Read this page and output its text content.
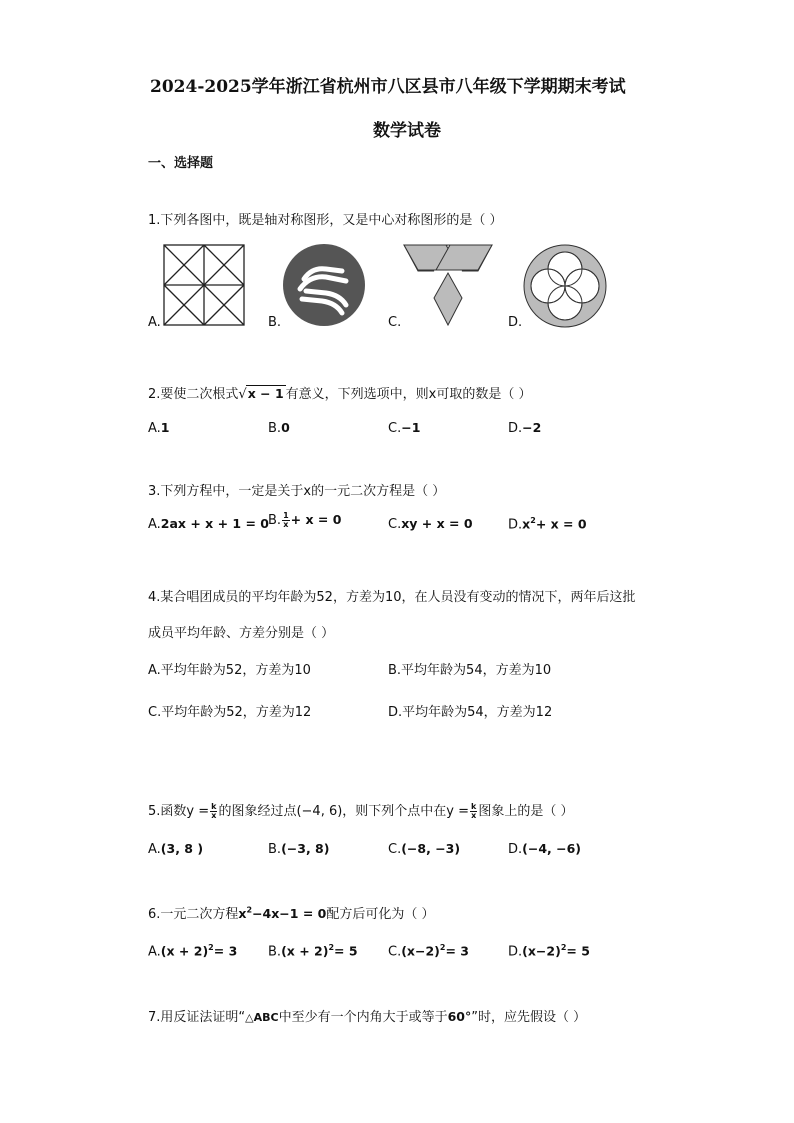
2024-2025学年浙江省杭州市八区县市八年级下学期期末考试
数学试卷
一、选择题
1.下列各图中，既是轴对称图形，又是中心对称图形的是（ ）
A.	B.	C.	D.
2.要使二次根式√x − 1 有意义，下列选项中，则x可取的数是（ ）
A.1	B.0	C.−1	D.−2
3.下列方程中，一定是关于x的一元二次方程是（ ）
A.2ax + x + 1 = 0 B. $\frac{1}{x} + x = 0$	C.xy + x = 0	$D.x^2+ x = 0$
4.某合唱团成员的平均年龄为52，方差为10，在人员没有变动的情况下，两年后这批
成员平均年龄、方差分别是（ ）
A.平均年龄为52，方差为10	B.平均年龄为54，方差为10
C.平均年龄为52，方差为12	D.平均年龄为54，方差为12
5.函数$y = \frac{k}{x}$ 的图象经过点(−4, 6)，则下列个点中在$y = \frac{k}{x}$ 图象上的是（ ）
A.(3, 8 )	B.(−3, 8)	C.(−8, −3)	D.(−4, −6)
6.一元二次方程$x^2-4x-1 = 0$配方后可化为（ ）
$A.(x + 2)^2= 3$ $B.(x + 2)^2= 5$ $C.(x-2)^2= 3$	$D.(x-2)^2= 5$
7.用反证法证明“△ABC中至少有一个内角大于或等于60°”时，应先假设（ ）
